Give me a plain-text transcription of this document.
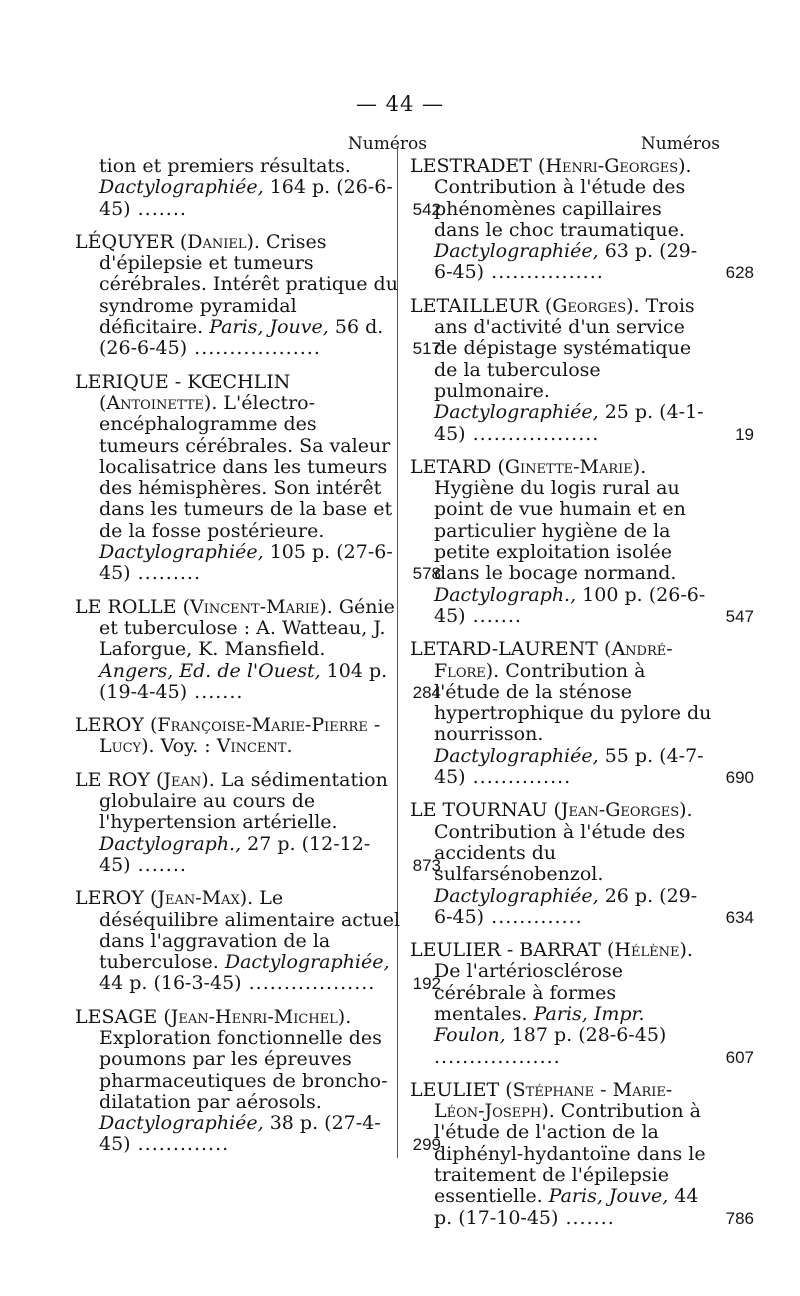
— 44 —
Numéros
tion et premiers résultats. Dactylographiée, 164 p. (26-6-45) .......	542
LÉQUYER (Daniel). Crises d'épilepsie et tumeurs cérébrales. Intérêt pratique du syndrome pyramidal déficitaire. Paris, Jouve, 56 d. (26-6-45) ..................	517
LERIQUE - KŒCHLIN (Antoinette). L'électro-encéphalogramme des tumeurs cérébrales. Sa valeur localisatrice dans les tumeurs des hémisphères. Son intérêt dans les tumeurs de la base et de la fosse postérieure. Dactylographiée, 105 p. (27-6-45) .........	578
LE ROLLE (Vincent-Marie). Génie et tuberculose : A. Watteau, J. Laforgue, K. Mansfield. Angers, Ed. de l'Ouest, 104 p. (19-4-45) .......	284
LEROY (Françoise-Marie-Pierre - Lucy). Voy. : Vincent.
LE ROY (Jean). La sédimentation globulaire au cours de l'hypertension artérielle. Dactylograph., 27 p. (12-12-45) .......	873
LEROY (Jean-Max). Le déséquilibre alimentaire actuel dans l'aggravation de la tuberculose. Dactylographiée, 44 p. (16-3-45) ..................	192
LESAGE (Jean-Henri-Michel). Exploration fonctionnelle des poumons par les épreuves pharmaceutiques de broncho-dilatation par aérosols. Dactylographiée, 38 p. (27-4-45) .............	299
Numéros
LESTRADET (Henri-Georges). Contribution à l'étude des phénomènes capillaires dans le choc traumatique. Dactylographiée, 63 p. (29-6-45) ................	628
LETAILLEUR (Georges). Trois ans d'activité d'un service de dépistage systématique de la tuberculose pulmonaire. Dactylographiée, 25 p. (4-1-45) ..................	19
LETARD (Ginette-Marie). Hygiène du logis rural au point de vue humain et en particulier hygiène de la petite exploitation isolée dans le bocage normand. Dactylograph., 100 p. (26-6-45) .......	547
LETARD-LAURENT (André-Flore). Contribution à l'étude de la sténose hypertrophique du pylore du nourrisson. Dactylographiée, 55 p. (4-7-45) ..............	690
LE TOURNAU (Jean-Georges). Contribution à l'étude des accidents du sulfarsénobenzol. Dactylographiée, 26 p. (29-6-45) .............	634
LEULIER - BARRAT (Hélène). De l'artériosclérose cérébrale à formes mentales. Paris, Impr. Foulon, 187 p. (28-6-45) ..................	607
LEULIET (Stéphane - Marie-Léon-Joseph). Contribution à l'étude de l'action de la diphényl-hydantoïne dans le traitement de l'épilepsie essentielle. Paris, Jouve, 44 p. (17-10-45) .......	786
